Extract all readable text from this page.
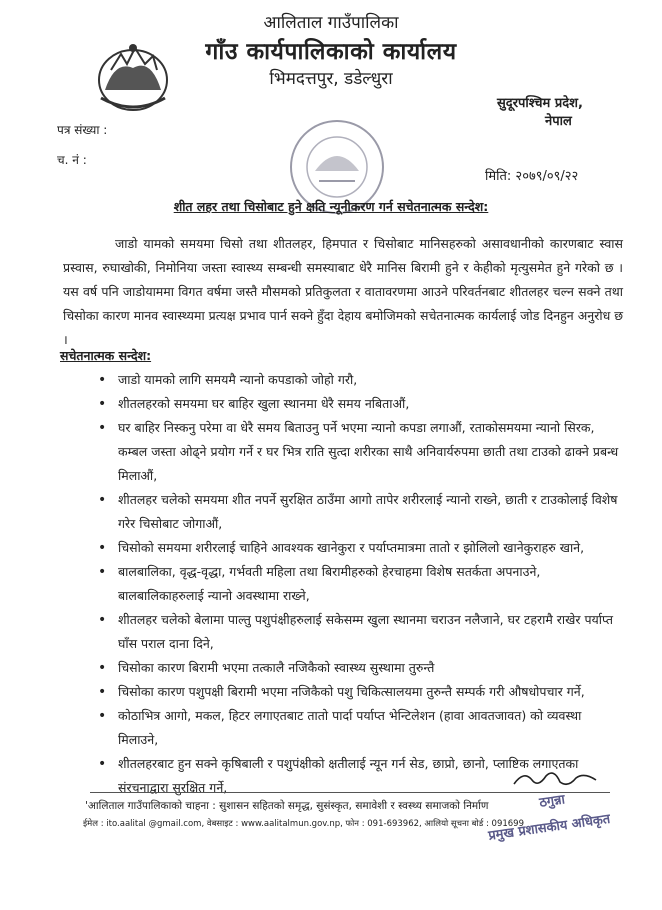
आलिताल गाउँपालिका
गाँउ कार्यपालिकाको कार्यालय
भिमदत्तपुर, डडेल्धुरा
सुदूरपश्चिम प्रदेश,
नेपाल
पत्र संख्या :
च. नं :
मिति: २०७९/०९/२२
शीत लहर तथा चिसोबाट हुने क्षति न्यूनीकरण गर्न सचेतनात्मक सन्देश:
जाडो यामको समयमा चिसो तथा शीतलहर, हिमपात र चिसोबाट मानिसहरुको असावधानीको कारणबाट स्वास प्रस्वास, रुघाखोकी, निमोनिया जस्ता स्वास्थ्य सम्बन्धी समस्याबाट धेरै मानिस बिरामी हुने र केहीको मृत्युसमेत हुने गरेको छ । यस वर्ष पनि जाडोयाममा विगत वर्षमा जस्तै मौसमको प्रतिकुलता र वातावरणमा आउने परिवर्तनबाट शीतलहर चल्न सक्ने तथा चिसोका कारण मानव स्वास्थ्यमा प्रत्यक्ष प्रभाव पार्न सक्ने हुँदा देहाय बमोजिमको सचेतनात्मक कार्यलाई जोड दिनहुन अनुरोध छ ।
सचेतनात्मक सन्देश:
• जाडो यामको लागि समयमै न्यानो कपडाको जोहो गरौ,
• शीतलहरको समयमा घर बाहिर खुला स्थानमा धेरै समय नबिताऔं,
• घर बाहिर निस्कनु परेमा वा धेरै समय बिताउनु पर्ने भएमा न्यानो कपडा लगाऔं, रताकोसमयमा न्यानो सिरक, कम्बल जस्ता ओढ्ने प्रयोग गर्ने र घर भित्र राति सुत्दा शरीरका साथै अनिवार्यरुपमा छाती तथा टाउको ढाक्ने प्रबन्ध मिलाऔं,
• शीतलहर चलेको समयमा शीत नपर्ने सुरक्षित ठाउँमा आगो तापेर शरीरलाई न्यानो राख्ने, छाती र टाउकोलाई विशेष गरेर चिसोबाट जोगाऔं,
• चिसोको समयमा शरीरलाई चाहिने आवश्यक खानेकुरा र पर्याप्तमात्रमा तातो र झोलिलो खानेकुराहरु खाने,
• बालबालिका, वृद्ध-वृद्धा, गर्भवती महिला तथा बिरामीहरुको हेरचाहमा विशेष सतर्कता अपनाउने, बालबालिकाहरुलाई न्यानो अवस्थामा राख्ने,
• शीतलहर चलेको बेलामा पाल्तु पशुपंक्षीहरुलाई सकेसम्म खुला स्थानमा चराउन नलैजाने, घर टहरामै राखेर पर्याप्त घाँस पराल दाना दिने,
• चिसोका कारण बिरामी भएमा तत्कालै नजिकैको स्वास्थ्य सुस्थामा तुरुन्तै
• चिसोका कारण पशुपक्षी बिरामी भएमा नजिकैको पशु चिकित्सालयमा तुरुन्तै सम्पर्क गरी औषधोपचार गर्ने,
• कोठाभित्र आगो, मकल, हिटर लगाएतबाट तातो पार्दा पर्याप्त भेन्टिलेशन (हावा आवतजावत) को व्यवस्था मिलाउने,
• शीतलहरबाट हुन सक्ने कृषिबाली र पशुपंक्षीको क्षतीलाई न्यून गर्न सेड, छाप्रो, छानो, प्लाष्टिक लगाएतका संरचनाद्वारा सुरक्षित गर्ने,
'आलिताल गाउँपालिकाको चाहना : सुशासन सहितको समृद्ध, सुसंस्कृत, समावेशी र स्वस्थ्य समाजको निर्माण
ईमेल : ito.aalital @gmail.com, वेबसाइट : www.aalitalmun.gov.np, फोन : 091-693962, आलियो सूचना बोर्ड : 091699
ठगुन्ना
प्रमुख प्रशासकीय अधिकृत
